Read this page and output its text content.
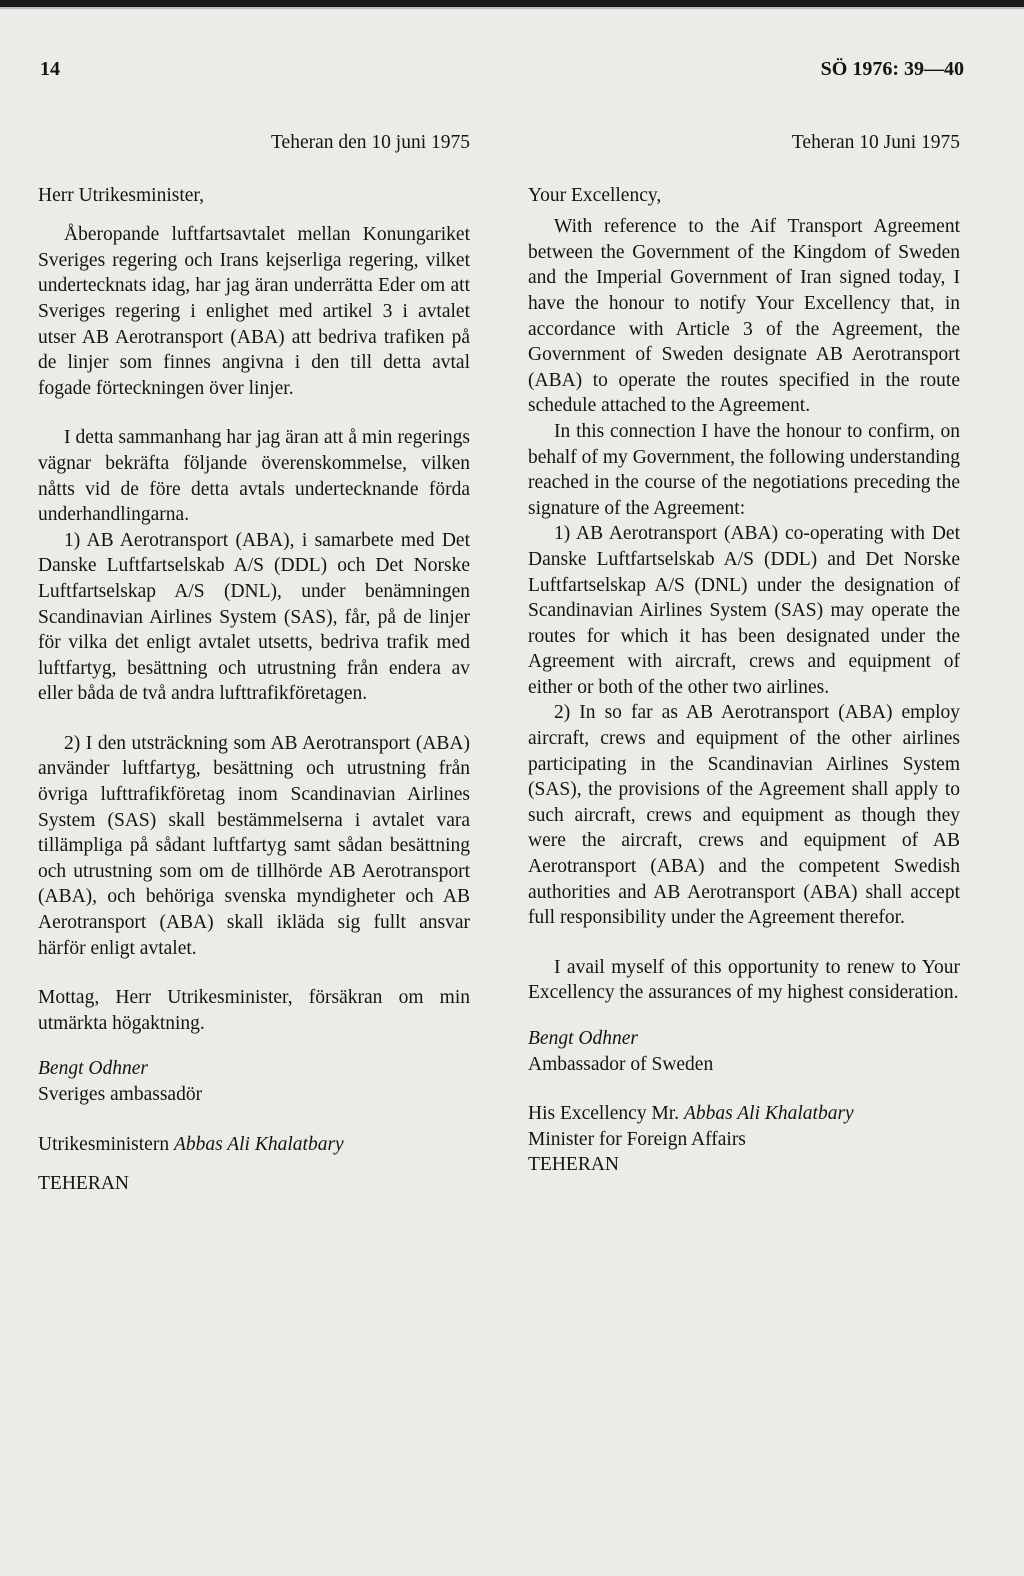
14	SÖ 1976: 39—40

Teheran den 10 juni 1975

Herr Utrikesminister,

Åberopande luftfartsavtalet mellan Konungariket Sveriges regering och Irans kejserliga regering, vilket undertecknats idag, har jag äran underrätta Eder om att Sveriges regering i enlighet med artikel 3 i avtalet utser AB Aerotransport (ABA) att bedriva trafiken på de linjer som finnes angivna i den till detta avtal fogade förteckningen över linjer.

I detta sammanhang har jag äran att å min regerings vägnar bekräfta följande överenskommelse, vilken nåtts vid de före detta avtals undertecknande förda underhandlingarna.

1) AB Aerotransport (ABA), i samarbete med Det Danske Luftfartselskab A/S (DDL) och Det Norske Luftfartselskap A/S (DNL), under benämningen Scandinavian Airlines System (SAS), får, på de linjer för vilka det enligt avtalet utsetts, bedriva trafik med luftfartyg, besättning och utrustning från endera av eller båda de två andra lufttrafikföretagen.

2) I den utsträckning som AB Aerotransport (ABA) använder luftfartyg, besättning och utrustning från övriga lufttrafikföretag inom Scandinavian Airlines System (SAS) skall bestämmelserna i avtalet vara tillämpliga på sådant luftfartyg samt sådan besättning och utrustning som om de tillhörde AB Aerotransport (ABA), och behöriga svenska myndigheter och AB Aerotransport (ABA) skall ikläda sig fullt ansvar härför enligt avtalet.

Mottag, Herr Utrikesminister, försäkran om min utmärkta högaktning.

Bengt Odhner

Sveriges ambassadör

Utrikesministern Abbas Ali Khalatbary

TEHERAN

Teheran 10 Juni 1975

Your Excellency,

With reference to the Aif Transport Agreement between the Government of the Kingdom of Sweden and the Imperial Government of Iran signed today, I have the honour to notify Your Excellency that, in accordance with Article 3 of the Agreement, the Government of Sweden designate AB Aerotransport (ABA) to operate the routes specified in the route schedule attached to the Agreement.

In this connection I have the honour to confirm, on behalf of my Government, the following understanding reached in the course of the negotiations preceding the signature of the Agreement:

1) AB Aerotransport (ABA) co-operating with Det Danske Luftfartselskab A/S (DDL) and Det Norske Luftfartselskap A/S (DNL) under the designation of Scandinavian Airlines System (SAS) may operate the routes for which it has been designated under the Agreement with aircraft, crews and equipment of either or both of the other two airlines.

2) In so far as AB Aerotransport (ABA) employ aircraft, crews and equipment of the other airlines participating in the Scandinavian Airlines System (SAS), the provisions of the Agreement shall apply to such aircraft, crews and equipment as though they were the aircraft, crews and equipment of AB Aerotransport (ABA) and the competent Swedish authorities and AB Aerotransport (ABA) shall accept full responsibility under the Agreement therefor.

I avail myself of this opportunity to renew to Your Excellency the assurances of my highest consideration.

Bengt Odhner

Ambassador of Sweden

His Excellency Mr. Abbas Ali Khalatbary

Minister for Foreign Affairs

TEHERAN
